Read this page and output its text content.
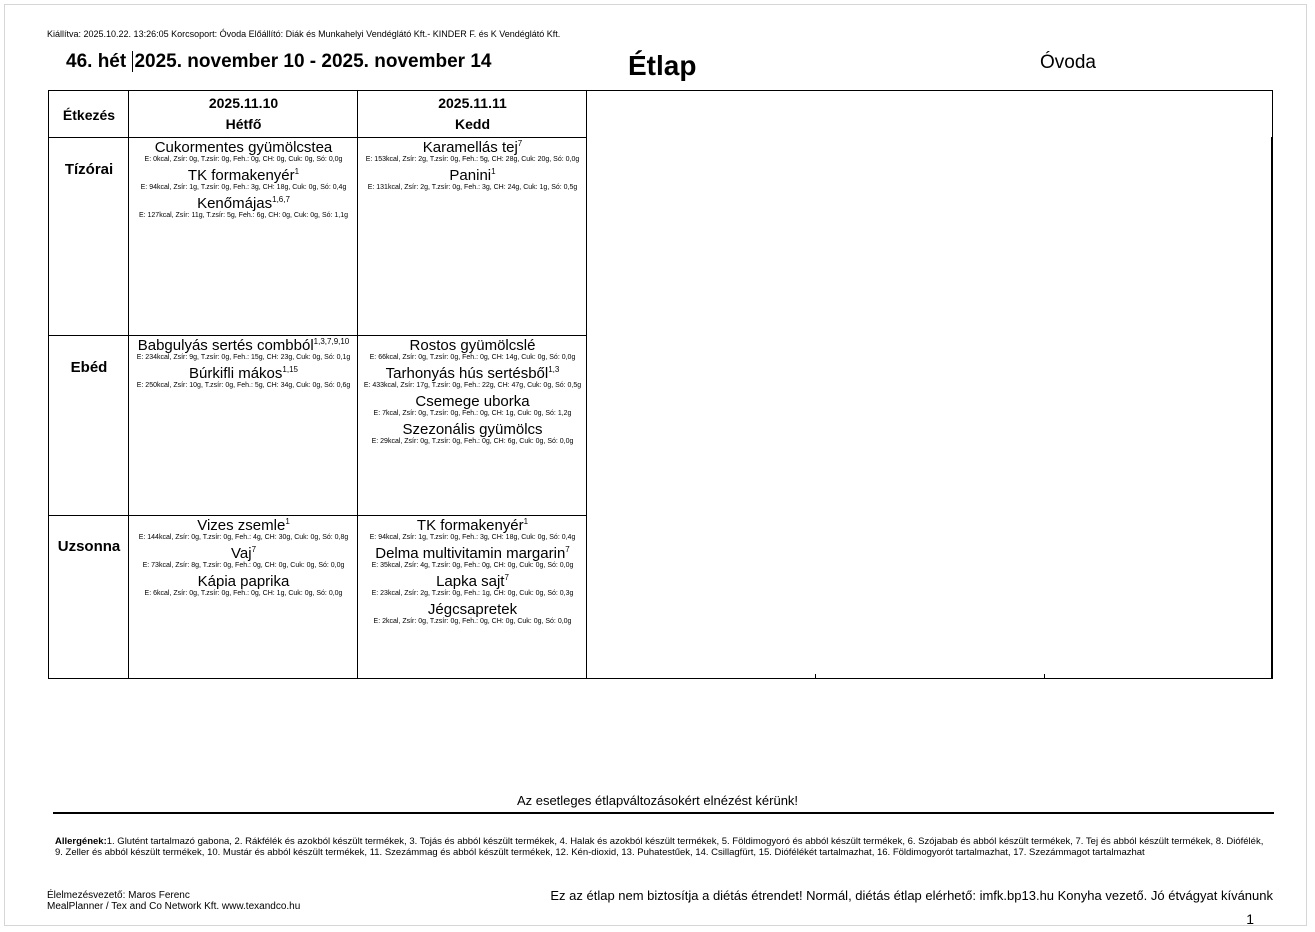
Kiállítva: 2025.10.22. 13:26:05 Korcsoport: Óvoda Előállító: Diák és Munkahelyi Vendéglátó Kft.- KINDER F. és K Vendéglátó Kft.
46. hét 2025. november 10 - 2025. november 14	Étlap	Óvoda
Étkezés
2025.11.10
Hétfő
2025.11.11
Kedd
Tízórai
Ebéd
Uzsonna
Cukormentes gyümölcstea
E: 0kcal, Zsír: 0g, T.zsír: 0g, Feh.: 0g, CH: 0g, Cuk: 0g, Só: 0,0g
TK formakenyér$^1$
E: 94kcal, Zsír: 1g, T.zsír: 0g, Feh.: 3g, CH: 18g, Cuk: 0g, Só: 0,4g
Kenőmájas$^{1,6,7}$
E: 127kcal, Zsír: 11g, T.zsír: 5g, Feh.: 6g, CH: 0g, Cuk: 0g, Só: 1,1g
Karamellás tej$^7$
E: 153kcal, Zsír: 2g, T.zsír: 0g, Feh.: 5g, CH: 28g, Cuk: 20g, Só: 0,0g
Panini$^1$
E: 131kcal, Zsír: 2g, T.zsír: 0g, Feh.: 3g, CH: 24g, Cuk: 1g, Só: 0,5g
Babgulyás sertés combból$^{1,3,7,9,10}$
E: 234kcal, Zsír: 9g, T.zsír: 0g, Feh.: 15g, CH: 23g, Cuk: 0g, Só: 0,1g
Búrkifli mákos$^{1,15}$
E: 250kcal, Zsír: 10g, T.zsír: 0g, Feh.: 5g, CH: 34g, Cuk: 0g, Só: 0,6g
Rostos gyümölcslé
E: 66kcal, Zsír: 0g, T.zsír: 0g, Feh.: 0g, CH: 14g, Cuk: 0g, Só: 0,0g
Tarhonyás hús sertésből$^{1,3}$
E: 433kcal, Zsír: 17g, T.zsír: 0g, Feh.: 22g, CH: 47g, Cuk: 0g, Só: 0,5g
Csemege uborka
E: 7kcal, Zsír: 0g, T.zsír: 0g, Feh.: 0g, CH: 1g, Cuk: 0g, Só: 1,2g
Szezonális gyümölcs
E: 29kcal, Zsír: 0g, T.zsír: 0g, Feh.: 0g, CH: 6g, Cuk: 0g, Só: 0,0g
Vizes zsemle$^1$
E: 144kcal, Zsír: 0g, T.zsír: 0g, Feh.: 4g, CH: 30g, Cuk: 0g, Só: 0,8g
Vaj$^7$
E: 73kcal, Zsír: 8g, T.zsír: 0g, Feh.: 0g, CH: 0g, Cuk: 0g, Só: 0,0g
Kápia paprika
E: 6kcal, Zsír: 0g, T.zsír: 0g, Feh.: 0g, CH: 1g, Cuk: 0g, Só: 0,0g
TK formakenyér$^1$
E: 94kcal, Zsír: 1g, T.zsír: 0g, Feh.: 3g, CH: 18g, Cuk: 0g, Só: 0,4g
Delma multivitamin margarin$^7$
E: 35kcal, Zsír: 4g, T.zsír: 0g, Feh.: 0g, CH: 0g, Cuk: 0g, Só: 0,0g
Lapka sajt$^7$
E: 23kcal, Zsír: 2g, T.zsír: 0g, Feh.: 1g, CH: 0g, Cuk: 0g, Só: 0,3g
Jégcsapretek
E: 2kcal, Zsír: 0g, T.zsír: 0g, Feh.: 0g, CH: 0g, Cuk: 0g, Só: 0,0g
Az esetleges étlapváltozásokért elnézést kérünk!
Allergének:1. Glutént tartalmazó gabona, 2. Rákfélék és azokból készült termékek, 3. Tojás és abból készült termékek, 4. Halak és azokból készült termékek, 5. Földimogyoró és abból készült termékek, 6. Szójabab és abból készült termékek, 7. Tej és abból készült termékek, 8. Diófélék, 9. Zeller és abból készült termékek, 10. Mustár és abból készült termékek, 11. Szezámmag és abból készült termékek, 12. Kén-dioxid, 13. Puhatestűek, 14. Csillagfürt, 15. Diófélékét tartalmazhat, 16. Földimogyorót tartalmazhat, 17. Szezámmagot tartalmazhat
Élelmezésvezető: Maros Ferenc
MealPlanner / Tex and Co Network Kft. www.texandco.hu
Ez az étlap nem biztosítja a diétás étrendet! Normál, diétás étlap elérhető: imfk.bp13.hu Konyha vezető. Jó étvágyat kívánunk
1
